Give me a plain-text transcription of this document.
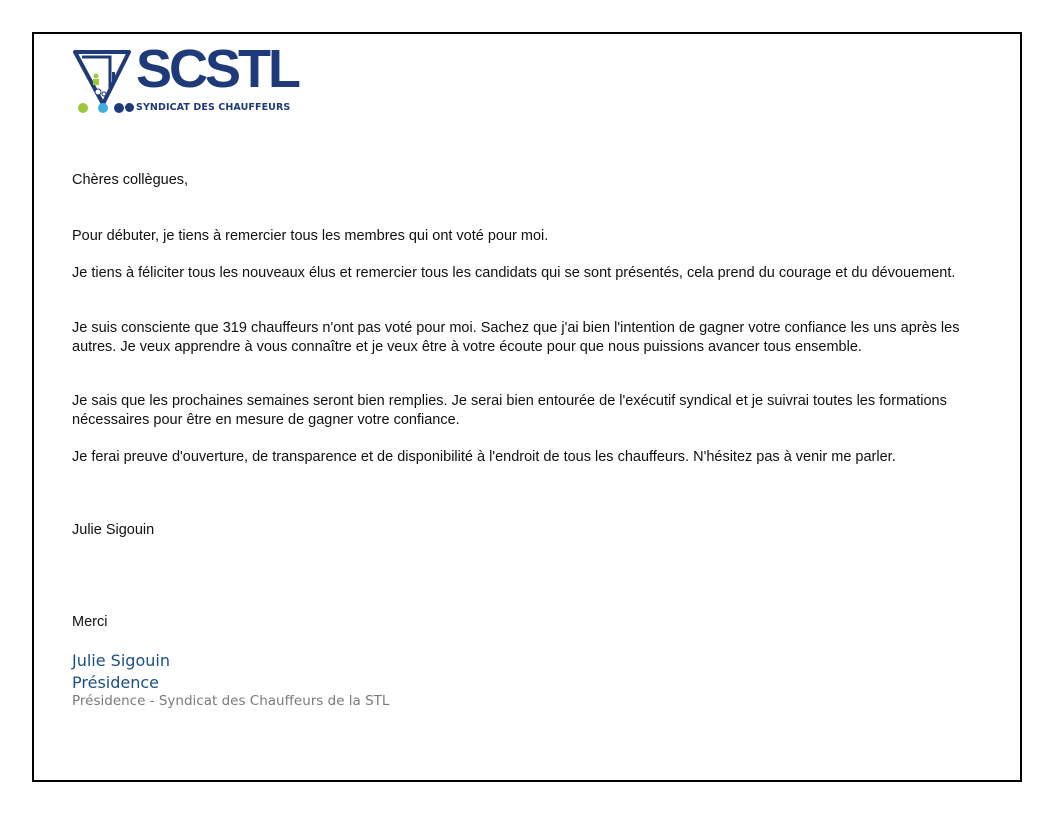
SCSTL
SYNDICAT DES CHAUFFEURS
Chères collègues,
Pour débuter, je tiens à remercier tous les membres qui ont voté pour moi.
Je tiens à féliciter tous les nouveaux élus et remercier tous les candidats qui se sont présentés, cela prend du courage et du dévouement.
Je suis consciente que 319 chauffeurs n'ont pas voté pour moi. Sachez que j'ai bien l'intention de gagner votre confiance les uns après les autres. Je veux apprendre à vous connaître et je veux être à votre écoute pour que nous puissions avancer tous ensemble.
Je sais que les prochaines semaines seront bien remplies. Je serai bien entourée de l'exécutif syndical et je suivrai toutes les formations nécessaires pour être en mesure de gagner votre confiance.
Je ferai preuve d'ouverture, de transparence et de disponibilité à l'endroit de tous les chauffeurs. N'hésitez pas à venir me parler.
Julie Sigouin
Merci
Julie Sigouin
Présidence
Présidence - Syndicat des Chauffeurs de la STL
